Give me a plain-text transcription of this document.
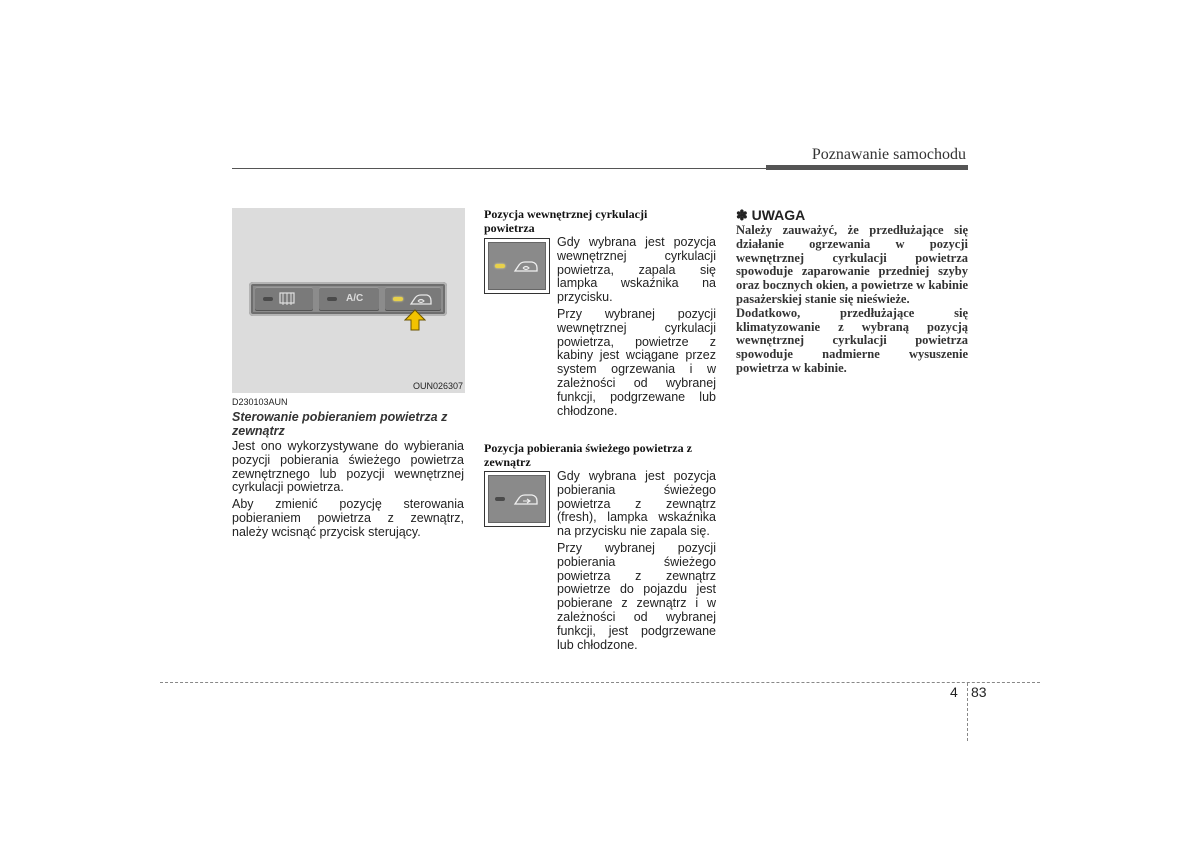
Poznawanie samochodu
A/C
OUN026307
D230103AUN
Sterowanie pobieraniem powietrza z zewnątrz
Jest ono wykorzystywane do wybierania pozycji pobierania świeżego powietrza zewnętrznego lub pozycji wewnętrznej cyrkulacji powietrza.
Aby zmienić pozycję sterowania pobieraniem powietrza z zewnątrz, należy wcisnąć przycisk sterujący.
Pozycja wewnętrznej cyrkulacji powietrza
Gdy wybrana jest pozycja wewnętrznej cyrkulacji powietrza, zapala się lampka wskaźnika na przycisku.
Przy wybranej pozycji wewnętrznej cyrkulacji powietrza, powietrze z kabiny jest wciągane przez system ogrzewania i w zależności od wybranej funkcji, podgrzewane lub chłodzone.
Pozycja pobierania świeżego powietrza z zewnątrz
Gdy wybrana jest pozycja pobierania świeżego powietrza z zewnątrz (fresh), lampka wskaźnika na przycisku nie zapala się.
Przy wybranej pozycji pobierania świeżego powietrza z zewnątrz powietrze do pojazdu jest pobierane z zewnątrz i w zależności od wybranej funkcji, jest podgrzewane lub chłodzone.
✽ UWAGA
Należy zauważyć, że przedłużające się działanie ogrzewania w pozycji wewnętrznej cyrkulacji powietrza spowoduje zaparowanie przedniej szyby oraz bocznych okien, a powietrze w kabinie pasażerskiej stanie się nieświeże.
Dodatkowo, przedłużające się klimatyzowanie z wybraną pozycją wewnętrznej cyrkulacji powietrza spowoduje nadmierne wysuszenie powietrza w kabinie.
4 83
